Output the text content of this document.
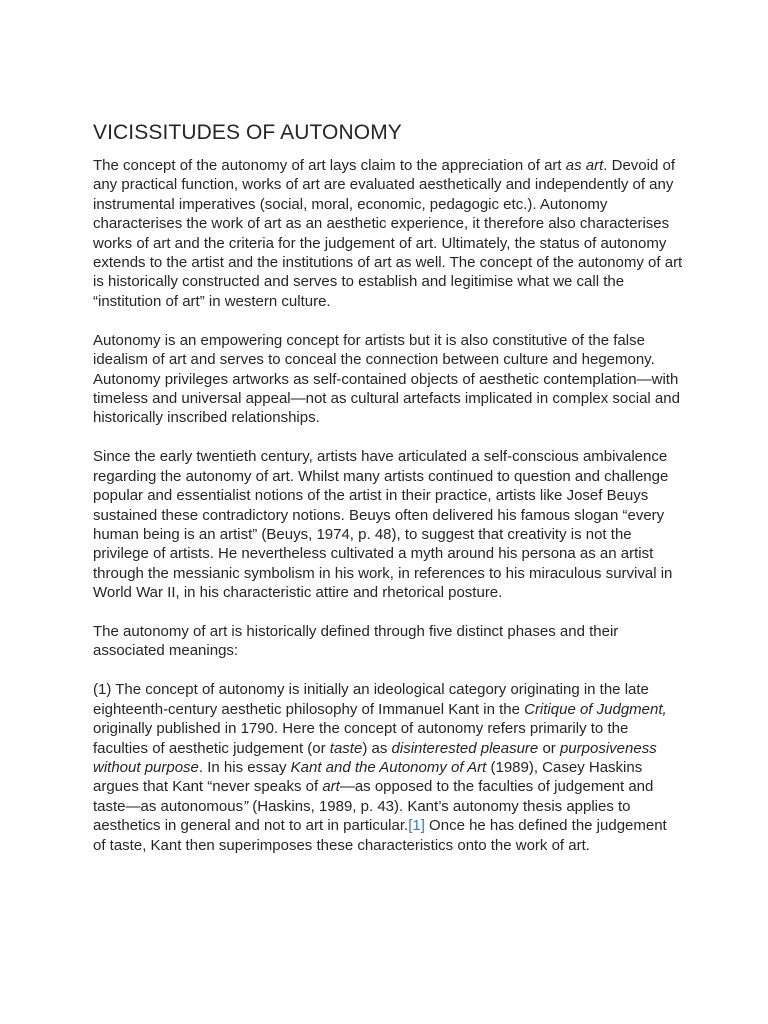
VICISSITUDES OF AUTONOMY

The concept of the autonomy of art lays claim to the appreciation of art as art. Devoid of any practical function, works of art are evaluated aesthetically and independently of any instrumental imperatives (social, moral, economic, pedagogic etc.). Autonomy characterises the work of art as an aesthetic experience, it therefore also characterises works of art and the criteria for the judgement of art. Ultimately, the status of autonomy extends to the artist and the institutions of art as well. The concept of the autonomy of art is historically constructed and serves to establish and legitimise what we call the “institution of art” in western culture.

Autonomy is an empowering concept for artists but it is also constitutive of the false idealism of art and serves to conceal the connection between culture and hegemony. Autonomy privileges artworks as self-contained objects of aesthetic contemplation—with timeless and universal appeal—not as cultural artefacts implicated in complex social and historically inscribed relationships.

Since the early twentieth century, artists have articulated a self-conscious ambivalence regarding the autonomy of art. Whilst many artists continued to question and challenge popular and essentialist notions of the artist in their practice, artists like Josef Beuys sustained these contradictory notions. Beuys often delivered his famous slogan “every human being is an artist” (Beuys, 1974, p. 48), to suggest that creativity is not the privilege of artists. He nevertheless cultivated a myth around his persona as an artist through the messianic symbolism in his work, in references to his miraculous survival in World War II, in his characteristic attire and rhetorical posture.

The autonomy of art is historically defined through five distinct phases and their associated meanings:

(1) The concept of autonomy is initially an ideological category originating in the late eighteenth-century aesthetic philosophy of Immanuel Kant in the Critique of Judgment, originally published in 1790. Here the concept of autonomy refers primarily to the faculties of aesthetic judgement (or taste) as disinterested pleasure or purposiveness without purpose. In his essay Kant and the Autonomy of Art (1989), Casey Haskins argues that Kant “never speaks of art—as opposed to the faculties of judgement and taste—as autonomous” (Haskins, 1989, p. 43). Kant’s autonomy thesis applies to aesthetics in general and not to art in particular.[1] Once he has defined the judgement of taste, Kant then superimposes these characteristics onto the work of art.
